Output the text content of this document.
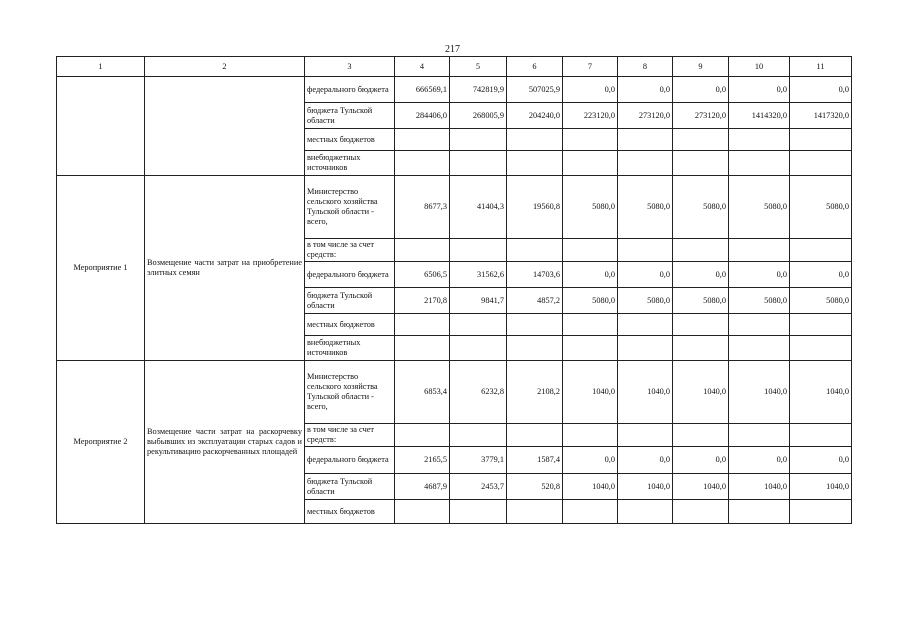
217
1	2	3	4	5	6	7	8	9	10	11
		федерального бюджета	666569,1	742819,9	507025,9	0,0	0,0	0,0	0,0	0,0
		бюджета Тульской области	284406,0	268005,9	204240,0	223120,0	273120,0	273120,0	1414320,0	1417320,0
		местных бюджетов								
		внебюджетных источников								
Мероприятие 1	Возмещение части затрат на приобретение элитных семян	Министерство сельского хозяйства Тульской области - всего,	8677,3	41404,3	19560,8	5080,0	5080,0	5080,0	5080,0	5080,0
		в том числе за счет средств:								
		федерального бюджета	6506,5	31562,6	14703,6	0,0	0,0	0,0	0,0	0,0
		бюджета Тульской области	2170,8	9841,7	4857,2	5080,0	5080,0	5080,0	5080,0	5080,0
		местных бюджетов								
		внебюджетных источников								
Мероприятие 2	Возмещение части затрат на раскорчевку выбывших из эксплуатации старых садов и рекультивацию раскорчеванных площадей	Министерство сельского хозяйства Тульской области - всего,	6853,4	6232,8	2108,2	1040,0	1040,0	1040,0	1040,0	1040,0
		в том числе за счет средств:								
		федерального бюджета	2165,5	3779,1	1587,4	0,0	0,0	0,0	0,0	0,0
		бюджета Тульской области	4687,9	2453,7	520,8	1040,0	1040,0	1040,0	1040,0	1040,0
		местных бюджетов								
